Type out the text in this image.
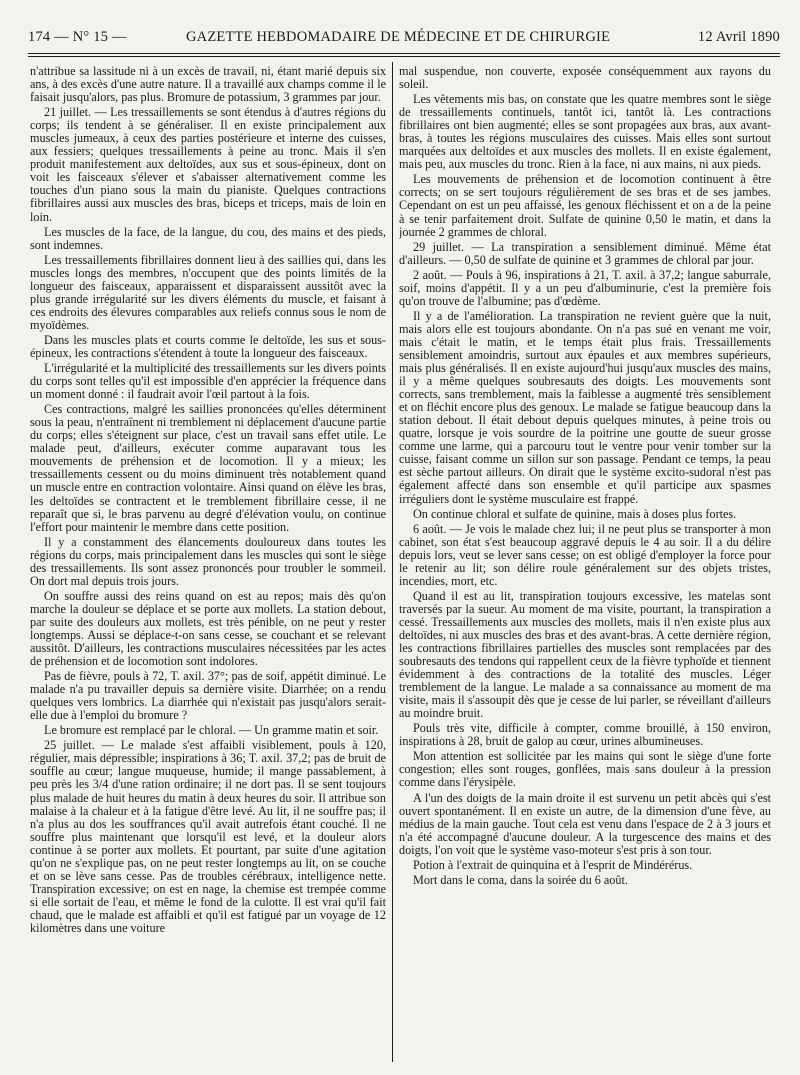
174 — N° 15 —	GAZETTE HEBDOMADAIRE DE MÉDECINE ET DE CHIRURGIE	12 Avril 1890

n'attribue sa lassitude ni à un excès de travail, ni, étant marié depuis six ans, à des excès d'une autre nature. Il a travaillé aux champs comme il le faisait jusqu'alors, pas plus. Bromure de potassium, 3 grammes par jour.

21 juillet. — Les tressaillements se sont étendus à d'autres régions du corps; ils tendent à se généraliser. Il en existe principalement aux muscles jumeaux, à ceux des parties postérieure et interne des cuisses, aux fessiers; quelques tressaillements à peine au tronc. Mais il s'en produit manifestement aux deltoïdes, aux sus et sous-épineux, dont on voit les faisceaux s'élever et s'abaisser alternativement comme les touches d'un piano sous la main du pianiste. Quelques contractions fibrillaires aussi aux muscles des bras, biceps et triceps, mais de loin en loin.

Les muscles de la face, de la langue, du cou, des mains et des pieds, sont indemnes.

Les tressaillements fibrillaires donnent lieu à des saillies qui, dans les muscles longs des membres, n'occupent que des points limités de la longueur des faisceaux, apparaissent et disparaissent aussitôt avec la plus grande irrégularité sur les divers éléments du muscle, et faisant à ces endroits des élevures comparables aux reliefs connus sous le nom de myoïdèmes.

Dans les muscles plats et courts comme le deltoïde, les sus et sous-épineux, les contractions s'étendent à toute la longueur des faisceaux.

L'irrégularité et la multiplicité des tressaillements sur les divers points du corps sont telles qu'il est impossible d'en apprécier la fréquence dans un moment donné : il faudrait avoir l'œil partout à la fois.

Ces contractions, malgré les saillies prononcées qu'elles déterminent sous la peau, n'entraînent ni tremblement ni déplacement d'aucune partie du corps; elles s'éteignent sur place, c'est un travail sans effet utile. Le malade peut, d'ailleurs, exécuter comme auparavant tous les mouvements de préhension et de locomotion. Il y a mieux; les tressaillements cessent ou du moins diminuent très notablement quand un muscle entre en contraction volontaire. Ainsi quand on élève les bras, les deltoïdes se contractent et le tremblement fibrillaire cesse, il ne reparaît que si, le bras parvenu au degré d'élévation voulu, on continue l'effort pour maintenir le membre dans cette position.

Il y a constamment des élancements douloureux dans toutes les régions du corps, mais principalement dans les muscles qui sont le siège des tressaillements. Ils sont assez prononcés pour troubler le sommeil. On dort mal depuis trois jours.

On souffre aussi des reins quand on est au repos; mais dès qu'on marche la douleur se déplace et se porte aux mollets. La station debout, par suite des douleurs aux mollets, est très pénible, on ne peut y rester longtemps. Aussi se déplace-t-on sans cesse, se couchant et se relevant aussitôt. D'ailleurs, les contractions musculaires nécessitées par les actes de préhension et de locomotion sont indolores.

Pas de fièvre, pouls à 72, T. axil. 37°; pas de soif, appétit diminué. Le malade n'a pu travailler depuis sa dernière visite. Diarrhée; on a rendu quelques vers lombrics. La diarrhée qui n'existait pas jusqu'alors serait-elle due à l'emploi du bromure ?

Le bromure est remplacé par le chloral. — Un gramme matin et soir.

25 juillet. — Le malade s'est affaibli visiblement, pouls à 120, régulier, mais dépressible; inspirations à 36; T. axil. 37,2; pas de bruit de souffle au cœur; langue muqueuse, humide; il mange passablement, à peu près les 3/4 d'une ration ordinaire; il ne dort pas. Il se sent toujours plus malade de huit heures du matin à deux heures du soir. Il attribue son malaise à la chaleur et à la fatigue d'être levé. Au lit, il ne souffre pas; il n'a plus au dos les souffrances qu'il avait autrefois étant couché. Il ne souffre plus maintenant que lorsqu'il est levé, et la douleur alors continue à se porter aux mollets. Et pourtant, par suite d'une agitation qu'on ne s'explique pas, on ne peut rester longtemps au lit, on se couche et on se lève sans cesse. Pas de troubles cérébraux, intelligence nette. Transpiration excessive; on est en nage, la chemise est trempée comme si elle sortait de l'eau, et même le fond de la culotte. Il est vrai qu'il fait chaud, que le malade est affaibli et qu'il est fatigué par un voyage de 12 kilomètres dans une voiture

mal suspendue, non couverte, exposée conséquemment aux rayons du soleil.

Les vêtements mis bas, on constate que les quatre membres sont le siège de tressaillements continuels, tantôt ici, tantôt là. Les contractions fibrillaires ont bien augmenté; elles se sont propagées aux bras, aux avant-bras, à toutes les régions musculaires des cuisses. Mais elles sont surtout marquées aux deltoïdes et aux muscles des mollets. Il en existe également, mais peu, aux muscles du tronc. Rien à la face, ni aux mains, ni aux pieds.

Les mouvements de préhension et de locomotion continuent à être corrects; on se sert toujours régulièrement de ses bras et de ses jambes. Cependant on est un peu affaissé, les genoux fléchissent et on a de la peine à se tenir parfaitement droit. Sulfate de quinine 0,50 le matin, et dans la journée 2 grammes de chloral.

29 juillet. — La transpiration a sensiblement diminué. Même état d'ailleurs. — 0,50 de sulfate de quinine et 3 grammes de chloral par jour.

2 août. — Pouls à 96, inspirations à 21, T. axil. à 37,2; langue saburrale, soif, moins d'appétit. Il y a un peu d'albuminurie, c'est la première fois qu'on trouve de l'albumine; pas d'œdème.

Il y a de l'amélioration. La transpiration ne revient guère que la nuit, mais alors elle est toujours abondante. On n'a pas sué en venant me voir, mais c'était le matin, et le temps était plus frais. Tressaillements sensiblement amoindris, surtout aux épaules et aux membres supérieurs, mais plus généralisés. Il en existe aujourd'hui jusqu'aux muscles des mains, il y a même quelques soubresauts des doigts. Les mouvements sont corrects, sans tremblement, mais la faiblesse a augmenté très sensiblement et on fléchit encore plus des genoux. Le malade se fatigue beaucoup dans la station debout. Il était debout depuis quelques minutes, à peine trois ou quatre, lorsque je vois sourdre de la poitrine une goutte de sueur grosse comme une larme, qui a parcouru tout le ventre pour venir tomber sur la cuisse, faisant comme un sillon sur son passage. Pendant ce temps, la peau est sèche partout ailleurs. On dirait que le système excito-sudoral n'est pas également affecté dans son ensemble et qu'il participe aux spasmes irréguliers dont le système musculaire est frappé.

On continue chloral et sulfate de quinine, mais à doses plus fortes.

6 août. — Je vois le malade chez lui; il ne peut plus se transporter à mon cabinet, son état s'est beaucoup aggravé depuis le 4 au soir. Il a du délire depuis lors, veut se lever sans cesse; on est obligé d'employer la force pour le retenir au lit; son délire roule généralement sur des objets tristes, incendies, mort, etc.

Quand il est au lit, transpiration toujours excessive, les matelas sont traversés par la sueur. Au moment de ma visite, pourtant, la transpiration a cessé. Tressaillements aux muscles des mollets, mais il n'en existe plus aux deltoïdes, ni aux muscles des bras et des avant-bras. A cette dernière région, les contractions fibrillaires partielles des muscles sont remplacées par des soubresauts des tendons qui rappellent ceux de la fièvre typhoïde et tiennent évidemment à des contractions de la totalité des muscles. Léger tremblement de la langue. Le malade a sa connaissance au moment de ma visite, mais il s'assoupit dès que je cesse de lui parler, se réveillant d'ailleurs au moindre bruit.

Pouls très vite, difficile à compter, comme brouillé, à 150 environ, inspirations à 28, bruit de galop au cœur, urines albumineuses.

Mon attention est sollicitée par les mains qui sont le siège d'une forte congestion; elles sont rouges, gonflées, mais sans douleur à la pression comme dans l'érysipèle.

A l'un des doigts de la main droite il est survenu un petit abcès qui s'est ouvert spontanément. Il en existe un autre, de la dimension d'une fève, au médius de la main gauche. Tout cela est venu dans l'espace de 2 à 3 jours et n'a été accompagné d'aucune douleur. A la turgescence des mains et des doigts, l'on voit que le système vaso-moteur s'est pris à son tour.

Potion à l'extrait de quinquina et à l'esprit de Mindérérus.

Mort dans le coma, dans la soirée du 6 août.
